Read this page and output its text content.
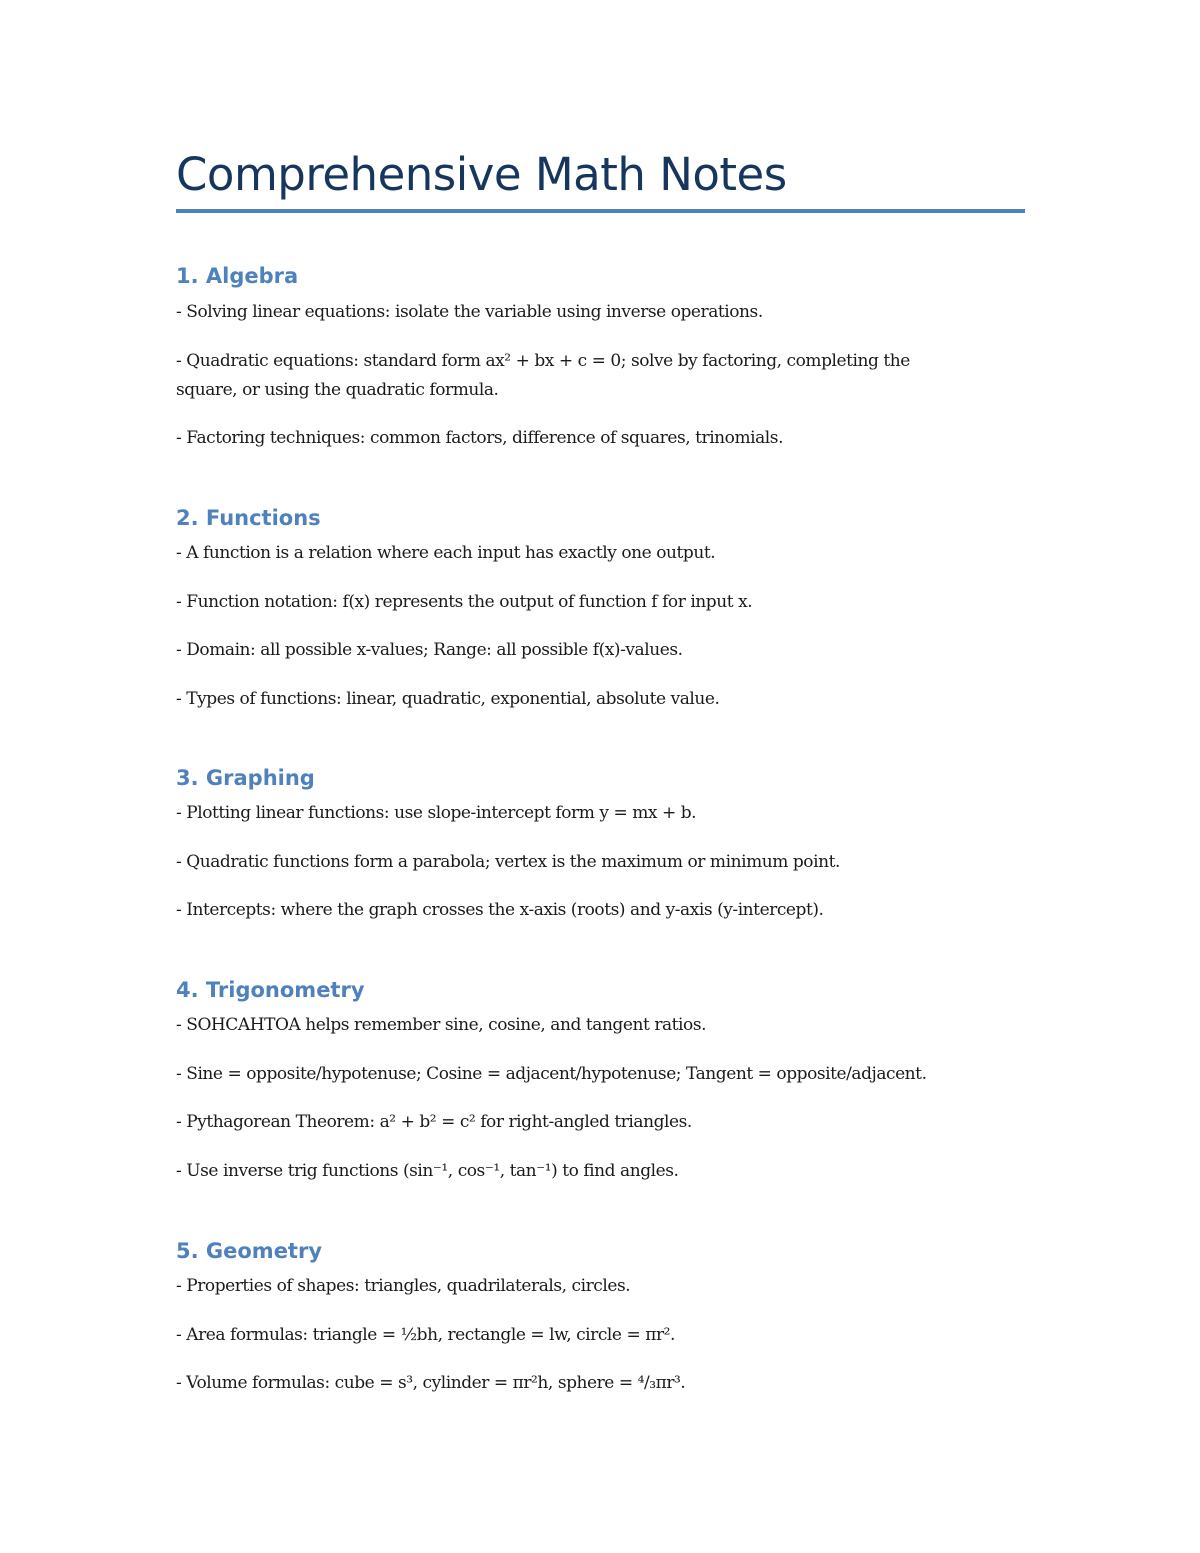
Comprehensive Math Notes
1. Algebra

- Solving linear equations: isolate the variable using inverse operations.

- Quadratic equations: standard form ax² + bx + c = 0; solve by factoring, completing the

square, or using the quadratic formula.

- Factoring techniques: common factors, difference of squares, trinomials.

2. Functions

- A function is a relation where each input has exactly one output.

- Function notation: f(x) represents the output of function f for input x.

- Domain: all possible x-values; Range: all possible f(x)-values.

- Types of functions: linear, quadratic, exponential, absolute value.

3. Graphing

- Plotting linear functions: use slope-intercept form y = mx + b.

- Quadratic functions form a parabola; vertex is the maximum or minimum point.

- Intercepts: where the graph crosses the x-axis (roots) and y-axis (y-intercept).

4. Trigonometry

- SOHCAHTOA helps remember sine, cosine, and tangent ratios.

- Sine = opposite/hypotenuse; Cosine = adjacent/hypotenuse; Tangent = opposite/adjacent.

- Pythagorean Theorem: a² + b² = c² for right-angled triangles.

- Use inverse trig functions (sin⁻¹, cos⁻¹, tan⁻¹) to find angles.

5. Geometry

- Properties of shapes: triangles, quadrilaterals, circles.

- Area formulas: triangle = ½bh, rectangle = lw, circle = πr².

- Volume formulas: cube = s³, cylinder = πr²h, sphere = ⁴/₃πr³.
